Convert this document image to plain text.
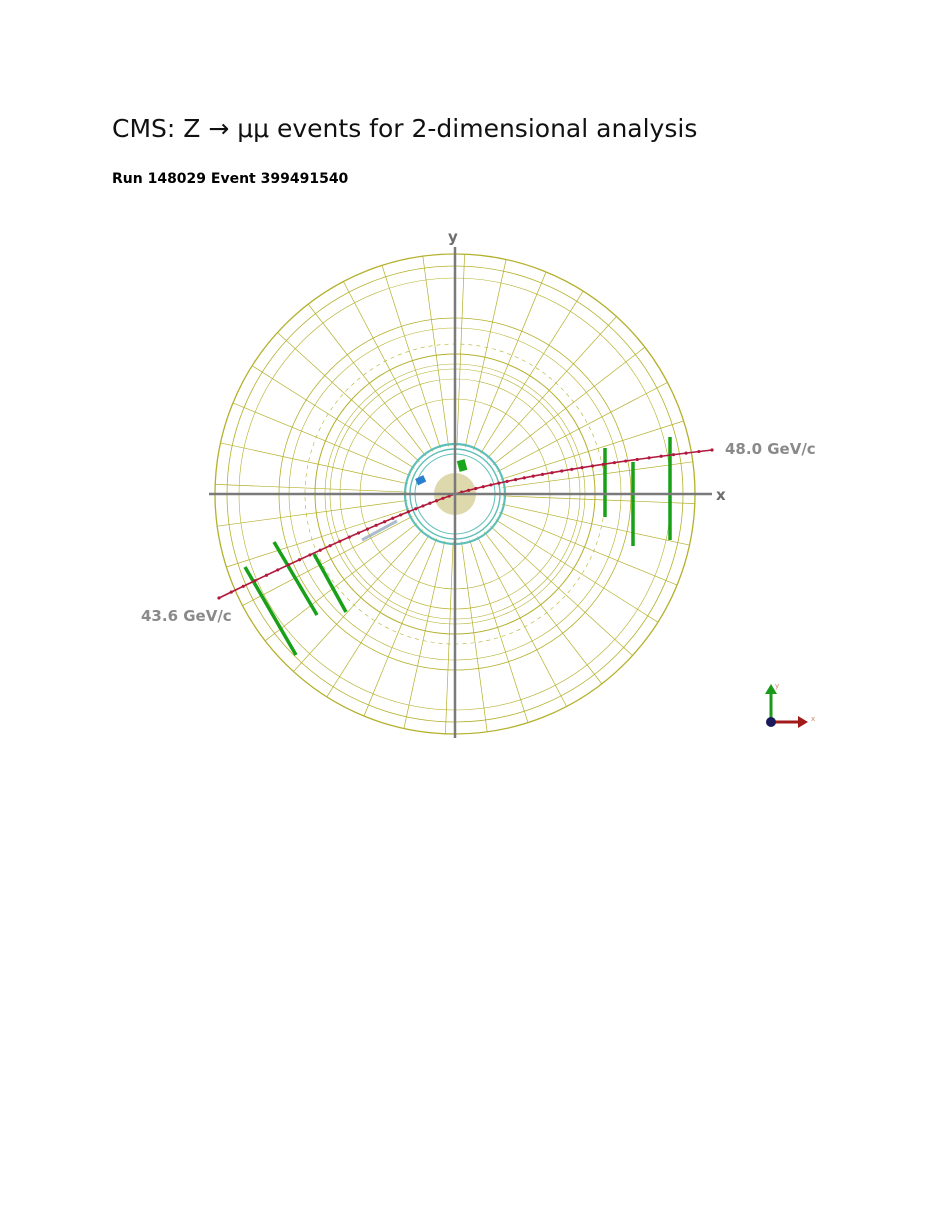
CMS: Z → μμ events for 2-dimensional analysis
Run 148029 Event 399491540
x
y
48.0 GeV/c
43.6 GeV/c
x
y
